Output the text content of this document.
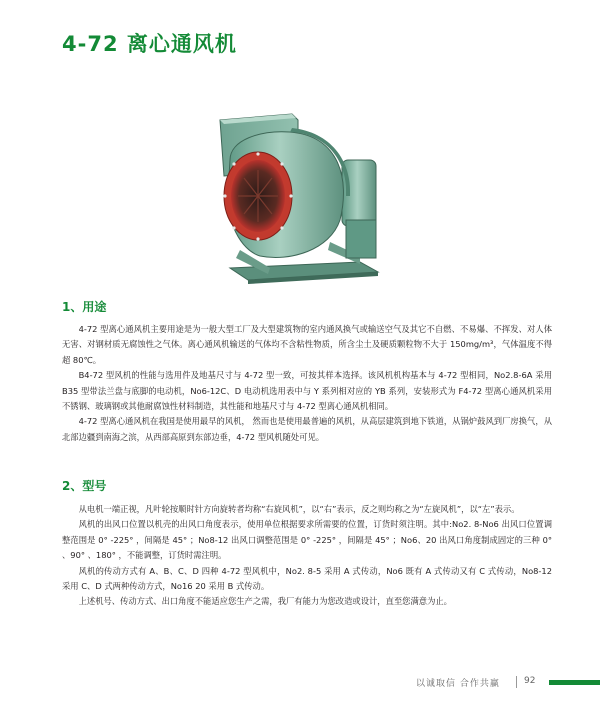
4-72 离心通风机
1、用途

4-72 型离心通风机主要用途是为一般大型工厂及大型建筑物的室内通风换气或输送空气及其它不自燃、不易爆、不挥发、对人体无害、对钢材质无腐蚀性之气体。离心通风机输送的气体均不含粘性物质，所含尘土及硬质颗粒物不大于 150mg/m³，气体温度不得超 80℃。

B4-72 型风机的性能与选用件及地基尺寸与 4-72 型一致，可按其样本选择。该风机机构基本与 4-72 型相同，No2.8-6A 采用 B35 型带法兰盘与底脚的电动机，No6-12C、D 电动机选用表中与 Y 系列相对应的 YB 系列，安装形式为 F4-72 型离心通风机采用不锈钢、玻璃钢或其他耐腐蚀性材料制造，其性能和地基尺寸与 4-72 型离心通风机相同。

4-72 型离心通风机在我国是使用最早的风机， 然而也是使用最普遍的风机，从高层建筑到地下铁道，从锅炉鼓风到厂房换气，从北部边疆到南海之滨，从西部高原到东部边垂，4-72 型风机随处可见。

2、型号

从电机一端正视，凡叶轮按顺时针方向旋转者均称“右旋风机”，以“右”表示，反之则均称之为“左旋风机”，以“左”表示。

风机的出风口位置以机壳的出风口角度表示，使用单位根据要求所需要的位置，订货时须注明。其中:No2. 8-No6 出风口位置调整范围是 0° -225° ，间隔是 45° ；No8-12 出风口调整范围是 0° -225° ，间隔是 45° ；No6、20 出风口角度制成固定的三种 0° 、90° 、180° ，不能调整，订货时需注明。

风机的传动方式有 A、B、C、D 四种 4-72 型风机中，No2. 8-5 采用 A 式传动，No6 既有 A 式传动又有 C 式传动，No8-12 采用 C、D 式两种传动方式，No16 20 采用 B 式传动。

上述机号、传动方式、出口角度不能适应您生产之需，我厂有能力为您改造或设计，直至您满意为止。

以诚取信 合作共赢	92
